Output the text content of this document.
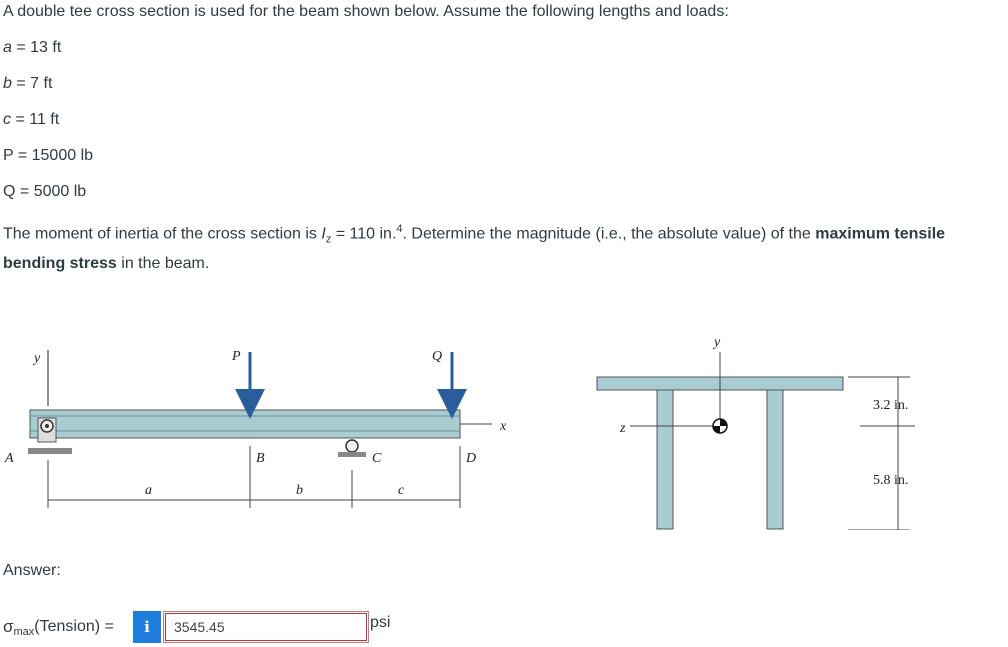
A double tee cross section is used for the beam shown below. Assume the following lengths and loads:

a = 13 ft

b = 7 ft

c = 11 ft

P = 15000 lb

Q = 5000 lb

The moment of inertia of the cross section is $I_z = 110$ in.$^4$. Determine the magnitude (i.e., the absolute value) of the maximum tensile bending stress in the beam.

y
x
A	C
P	Q
B	D
a	b	c
y
z
3.2 in.
5.8 in.

Answer:

σ max (Tension) =	i
3545.45	psi
